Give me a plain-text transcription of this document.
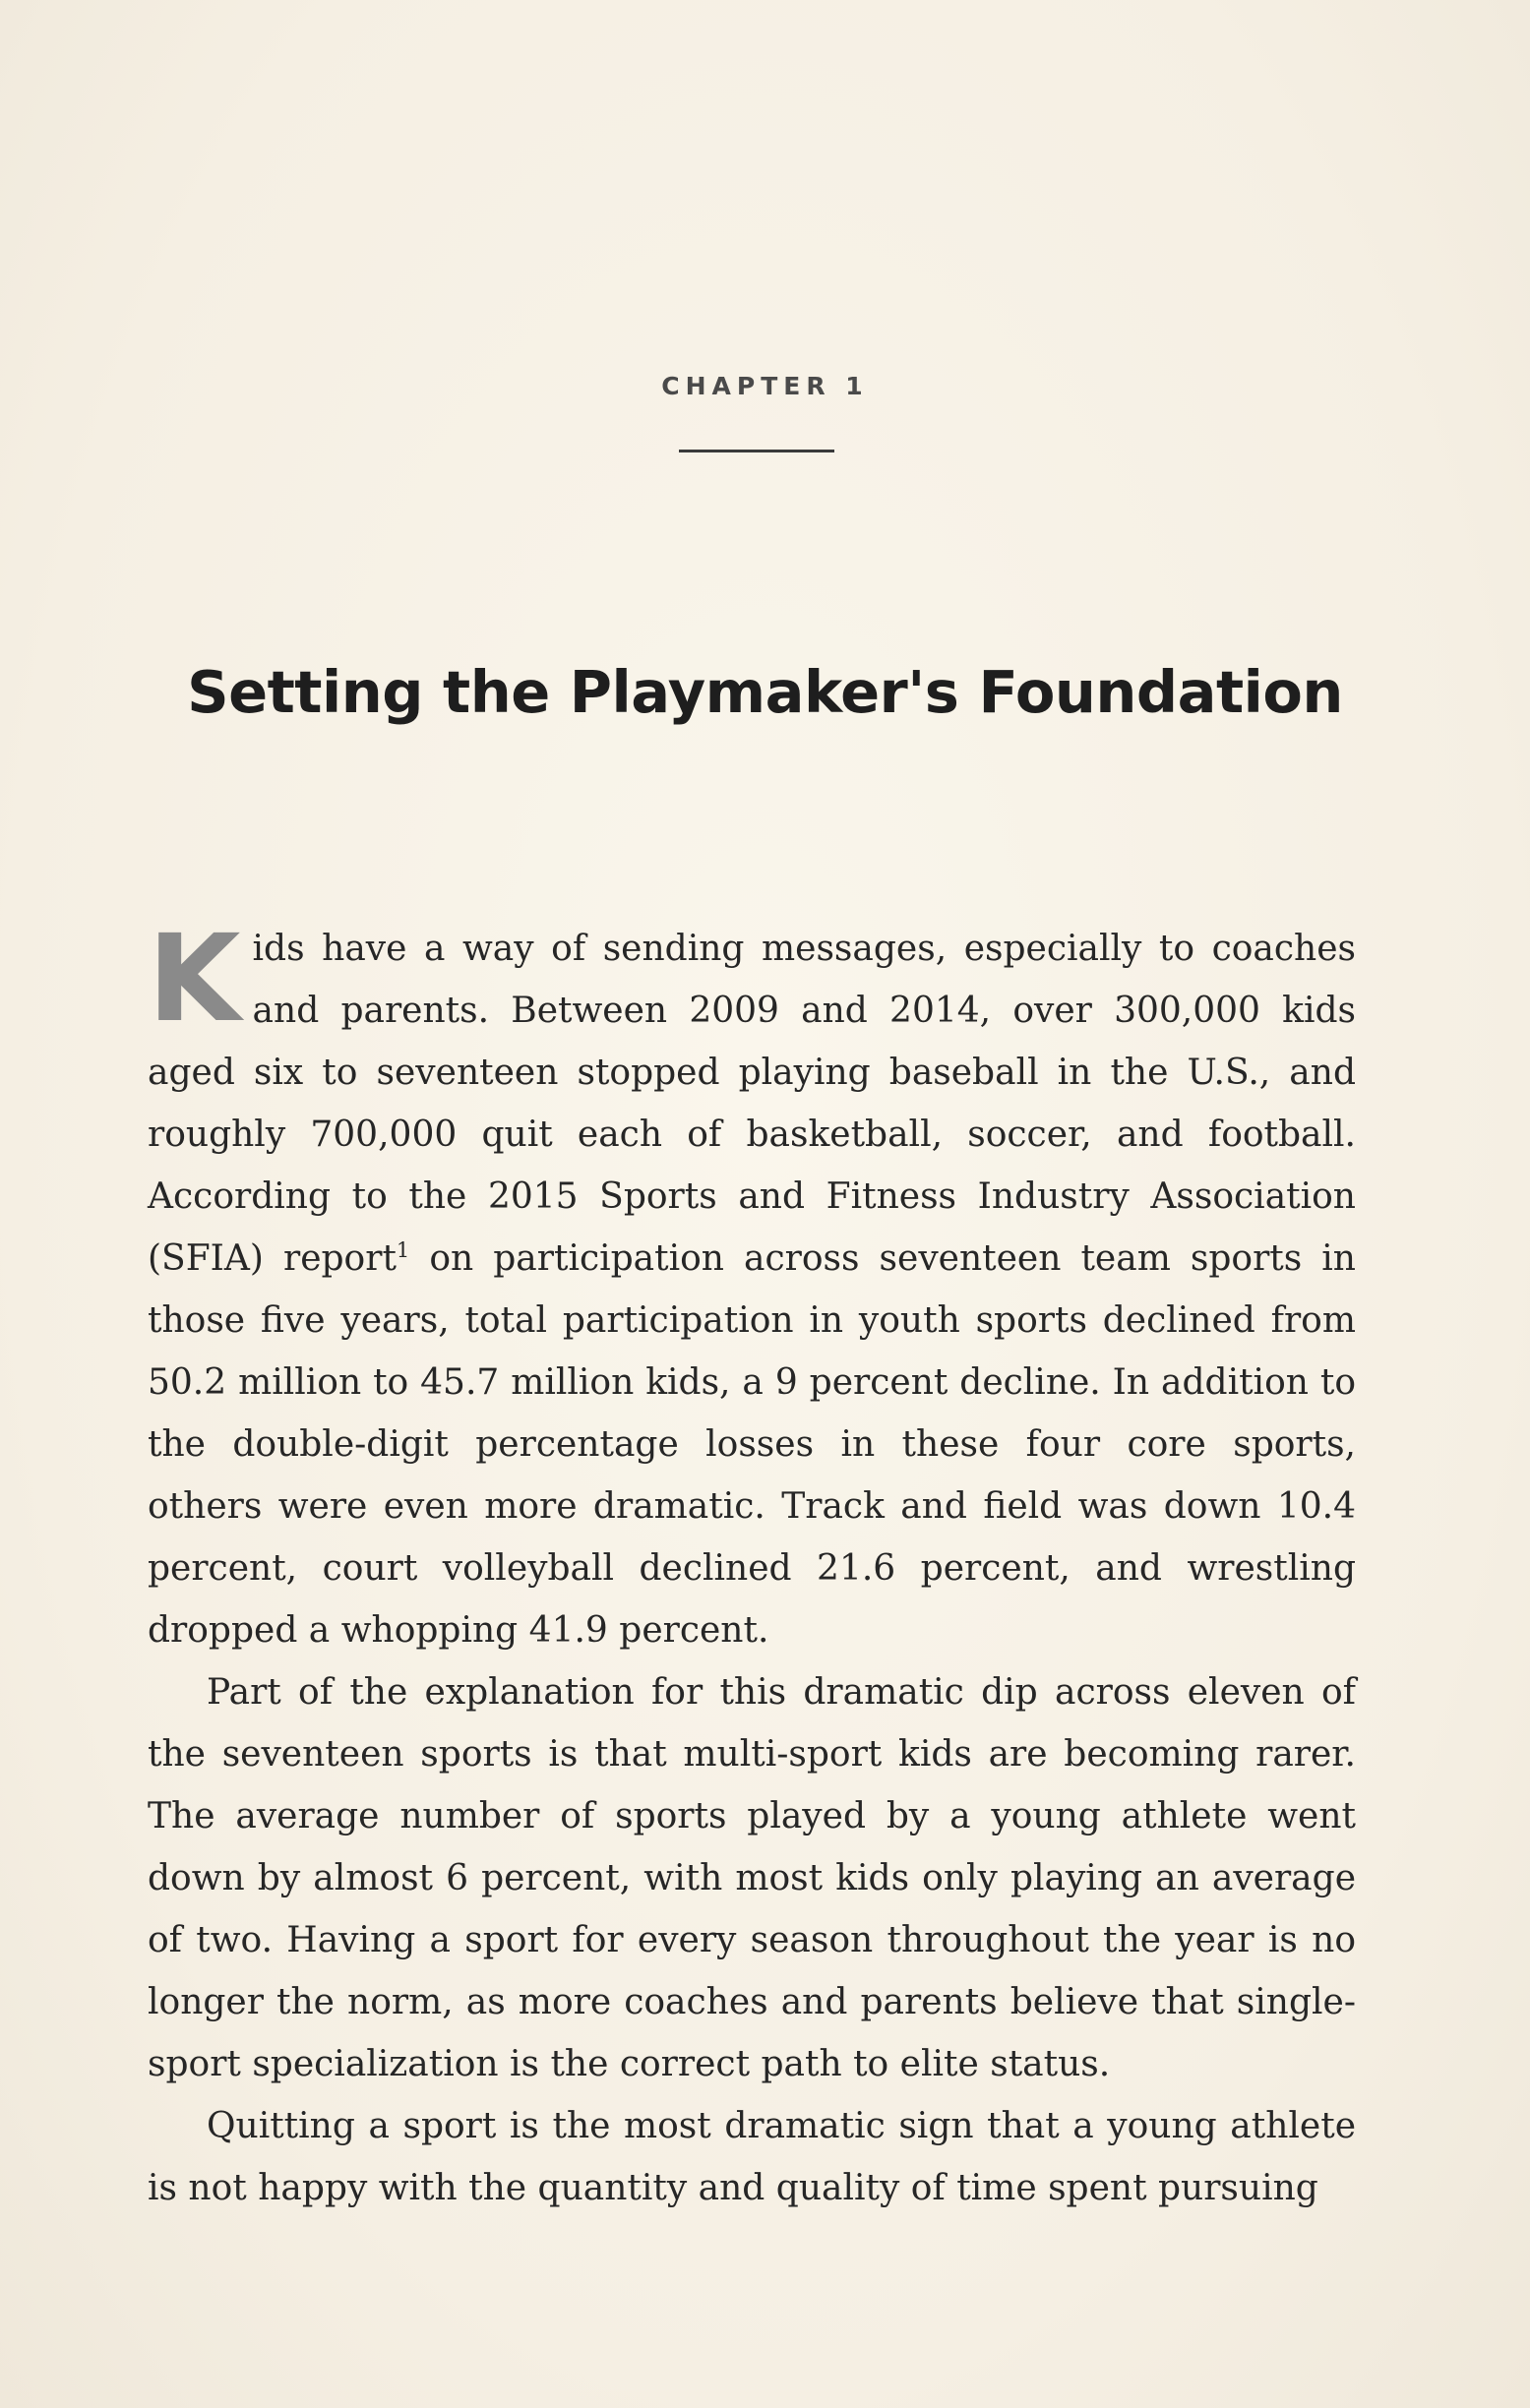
CHAPTER 1
Setting the Playmaker's Foundation

Kids have a way of sending messages, especially to coaches and parents. Between 2009 and 2014, over 300,000 kids aged six to seventeen stopped playing baseball in the U.S., and roughly 700,000 quit each of basketball, soccer, and football. According to the 2015 Sports and Fitness Industry Association (SFIA) report$^1$ on participation across seventeen team sports in those five years, total participation in youth sports declined from 50.2 million to 45.7 million kids, a 9 percent decline. In addition to the double-digit percentage losses in these four core sports, others were even more dramatic. Track and field was down 10.4 percent, court volleyball declined 21.6 percent, and wrestling dropped a whopping 41.9 percent.

Part of the explanation for this dramatic dip across eleven of the seventeen sports is that multi-sport kids are becoming rarer. The average number of sports played by a young athlete went down by almost 6 percent, with most kids only playing an average of two. Having a sport for every season throughout the year is no longer the norm, as more coaches and parents believe that single-sport specialization is the correct path to elite status.

Quitting a sport is the most dramatic sign that a young athlete is not happy with the quantity and quality of time spent pursuing
